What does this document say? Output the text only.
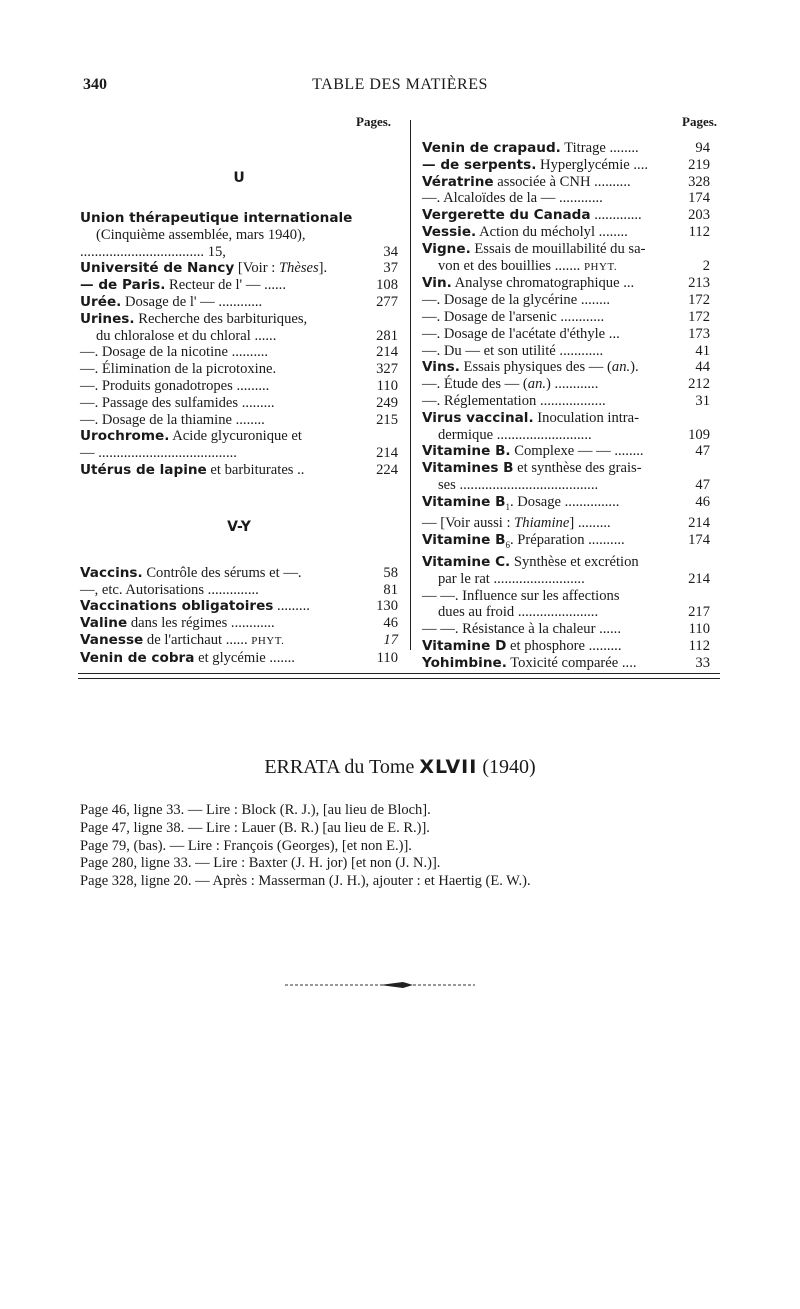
340	TABLE DES MATIÈRES
Pages.	Pages.
U
Union thérapeutique internationale
(Cinquième assemblée, mars 1940),
.................................. 15,	34
Université de Nancy [Voir : Thèses].	37
— de Paris. Recteur de l' — ......	108
Urée. Dosage de l' — ............	277
Urines. Recherche des barbituriques,
du chloralose et du chloral ......	281
—. Dosage de la nicotine ..........	214
—. Élimination de la picrotoxine.	327
—. Produits gonadotropes .........	110
—. Passage des sulfamides .........	249
—. Dosage de la thiamine ........	215
Urochrome. Acide glycuronique et
— ......................................	214
Utérus de lapine et barbiturates ..	224
V-Y
Vaccins. Contrôle des sérums et —.	58
—, etc. Autorisations ..............	81
Vaccinations obligatoires .........	130
Valine dans les régimes ............	46
Vanesse de l'artichaut ...... PHYT.	17
Venin de cobra et glycémie .......	110
Venin de crapaud. Titrage ........	94
— de serpents. Hyperglycémie ....	219
Vératrine associée à CNH ..........	328
—. Alcaloïdes de la — ............	174
Vergerette du Canada .............	203
Vessie. Action du mécholyl ........	112
Vigne. Essais de mouillabilité du sa-
von et des bouillies ....... PHYT.	2
Vin. Analyse chromatographique ...	213
—. Dosage de la glycérine ........	172
—. Dosage de l'arsenic ............	172
—. Dosage de l'acétate d'éthyle ...	173
—. Du — et son utilité ............	41
Vins. Essais physiques des — (an.).	44
—. Étude des — (an.) ............	212
—. Réglementation ..................	31
Virus vaccinal. Inoculation intra-
dermique ..........................	109
Vitamine B. Complexe — — ........	47
Vitamines B et synthèse des grais-
ses ......................................	47
Vitamine $B_1$. Dosage ...............	46
— [Voir aussi : Thiamine] .........	214
Vitamine $B_6$. Préparation ..........	174
Vitamine C. Synthèse et excrétion
par le rat .........................	214
— —. Influence sur les affections
dues au froid ......................	217
— —. Résistance à la chaleur ......	110
Vitamine D et phosphore .........	112
Yohimbine. Toxicité comparée ....	33
ERRATA du Tome XLVII (1940)
Page 46, ligne 33. — Lire : Block (R. J.), [au lieu de Bloch].
Page 47, ligne 38. — Lire : Lauer (B. R.) [au lieu de E. R.)].
Page 79, (bas). — Lire : François (Georges), [et non E.)].
Page 280, ligne 33. — Lire : Baxter (J. H. jor) [et non (J. N.)].
Page 328, ligne 20. — Après : Masserman (J. H.), ajouter : et Haertig (E. W.).
